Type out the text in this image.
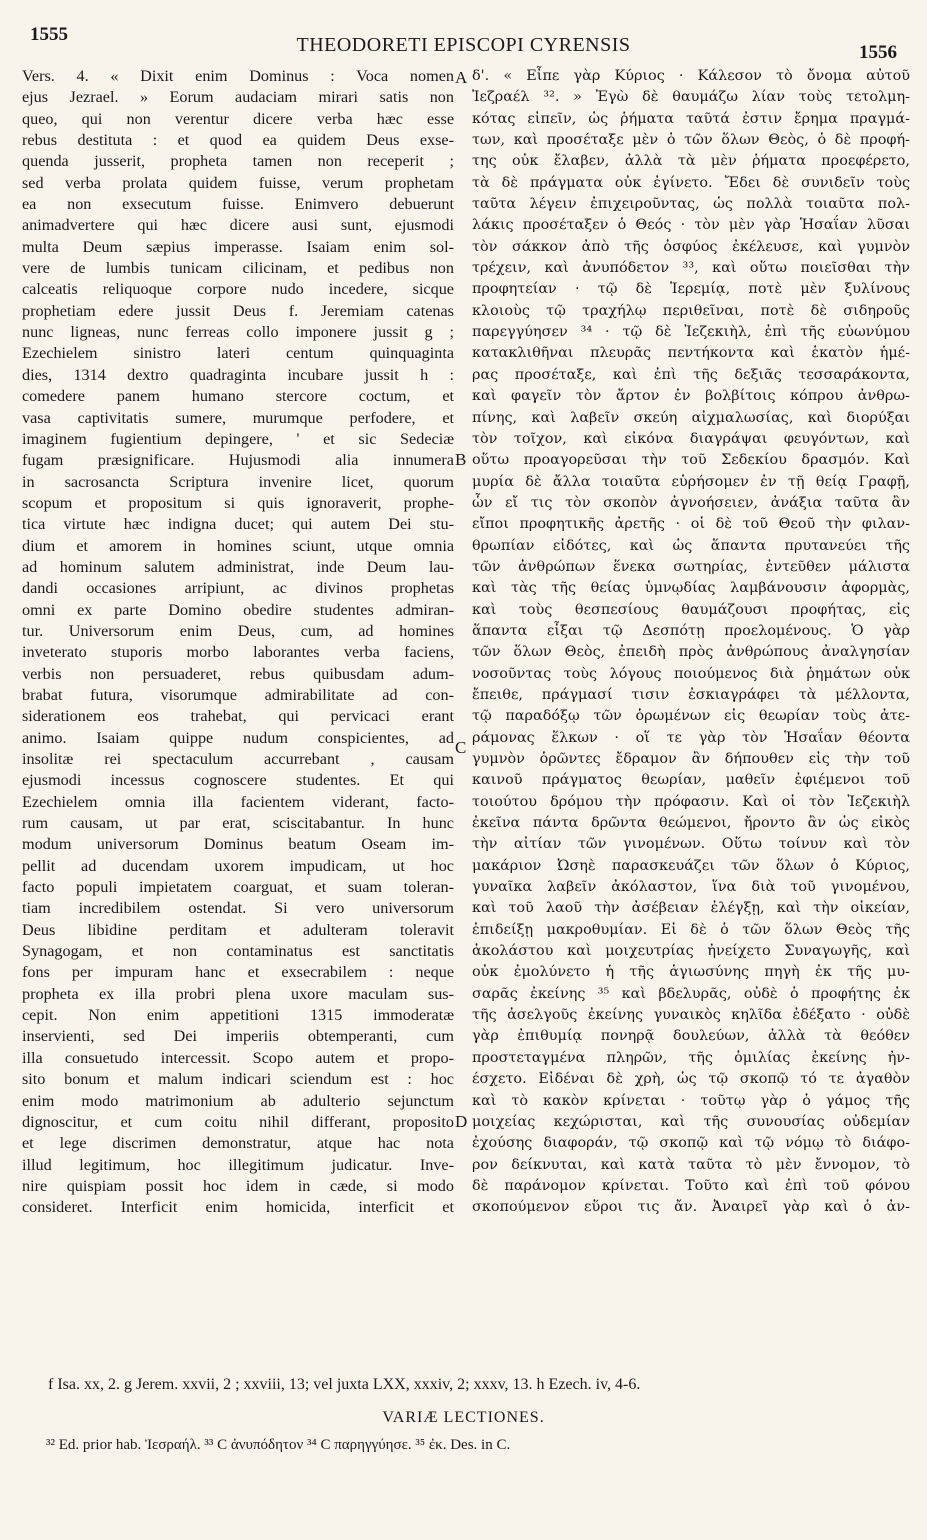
1555	THEODORETI EPISCOPI CYRENSIS	1556
Vers. 4. « Dixit enim Dominus : Voca nomen
ejus Jezrael. » Eorum audaciam mirari satis non
queo, qui non verentur dicere verba hæc esse
rebus destituta : et quod ea quidem Deus exse-
quenda jusserit, propheta tamen non receperit ;
sed verba prolata quidem fuisse, verum prophetam
ea non exsecutum fuisse. Enimvero debuerunt
animadvertere qui hæc dicere ausi sunt, ejusmodi
multa Deum sæpius imperasse. Isaiam enim sol-
vere de lumbis tunicam cilicinam, et pedibus non
calceatis reliquoque corpore nudo incedere, sicque
prophetiam edere jussit Deus f. Jeremiam catenas
nunc ligneas, nunc ferreas collo imponere jussit g ;
Ezechielem sinistro lateri centum quinquaginta
dies, 1314 dextro quadraginta incubare jussit h :
comedere panem humano stercore coctum, et
vasa captivitatis sumere, murumque perfodere, et
imaginem fugientium depingere, ' et sic Sedeciæ
fugam præsignificare. Hujusmodi alia innumera
in sacrosancta Scriptura invenire licet, quorum
scopum et propositum si quis ignoraverit, prophe-
tica virtute hæc indigna ducet; qui autem Dei stu-
dium et amorem in homines sciunt, utque omnia
ad hominum salutem administrat, inde Deum lau-
dandi occasiones arripiunt, ac divinos prophetas
omni ex parte Domino obedire studentes admiran-
tur. Universorum enim Deus, cum, ad homines
inveterato stuporis morbo laborantes verba faciens,
verbis non persuaderet, rebus quibusdam adum-
brabat futura, visorumque admirabilitate ad con-
siderationem eos trahebat, qui pervicaci erant
animo. Isaiam quippe nudum conspicientes, ad
insolitæ rei spectaculum accurrebant , causam
ejusmodi incessus cognoscere studentes. Et qui
Ezechielem omnia illa facientem viderant, facto-
rum causam, ut par erat, sciscitabantur. In hunc
modum universorum Dominus beatum Oseam im-
pellit ad ducendam uxorem impudicam, ut hoc
facto populi impietatem coarguat, et suam toleran-
tiam incredibilem ostendat. Si vero universorum
Deus libidine perditam et adulteram toleravit
Synagogam, et non contaminatus est sanctitatis
fons per impuram hanc et exsecrabilem : neque
propheta ex illa probri plena uxore maculam sus-
cepit. Non enim appetitioni 1315 immoderatæ
inservienti, sed Dei imperiis obtemperanti, cum
illa consuetudo intercessit. Scopo autem et propo-
sito bonum et malum indicari sciendum est : hoc
enim modo matrimonium ab adulterio sejunctum
dignoscitur, et cum coitu nihil differant, proposito
et lege discrimen demonstratur, atque hac nota
illud legitimum, hoc illegitimum judicatur. Inve-
nire quispiam possit hoc idem in cæde, si modo
consideret. Interficit enim homicida, interficit et
δ'. « Εἶπε γὰρ Κύριος · Κάλεσον τὸ ὄνομα αὐτοῦ
Ἰεζραέλ ³². » Ἐγὼ δὲ θαυμάζω λίαν τοὺς τετολμη-
κότας εἰπεῖν, ὡς ῥήματα ταῦτά ἐστιν ἔρημα πραγμά-
των, καὶ προσέταξε μὲν ὁ τῶν ὅλων Θεὸς, ὁ δὲ προφή-
της οὐκ ἔλαβεν, ἀλλὰ τὰ μὲν ῥήματα προεφέρετο,
τὰ δὲ πράγματα οὐκ ἐγίνετο. Ἔδει δὲ συνιδεῖν τοὺς
ταῦτα λέγειν ἐπιχειροῦντας, ὡς πολλὰ τοιαῦτα πολ-
λάκις προσέταξεν ὁ Θεός · τὸν μὲν γὰρ Ἡσαΐαν λῦσαι
τὸν σάκκον ἀπὸ τῆς ὀσφύος ἐκέλευσε, καὶ γυμνὸν
τρέχειν, καὶ ἀνυπόδετον ³³, καὶ οὕτω ποιεῖσθαι τὴν
προφητείαν · τῷ δὲ Ἱερεμίᾳ, ποτὲ μὲν ξυλίνους
κλοιοὺς τῷ τραχήλῳ περιθεῖναι, ποτὲ δὲ σιδηροῦς
παρεγγύησεν ³⁴ · τῷ δὲ Ἰεζεκιὴλ, ἐπὶ τῆς εὐωνύμου
κατακλιθῆναι πλευρᾶς πεντήκοντα καὶ ἑκατὸν ἡμέ-
ρας προσέταξε, καὶ ἐπὶ τῆς δεξιᾶς τεσσαράκοντα,
καὶ φαγεῖν τὸν ἄρτον ἐν βολβίτοις κόπρου ἀνθρω-
πίνης, καὶ λαβεῖν σκεύη αἰχμαλωσίας, καὶ διορύξαι
τὸν τοῖχον, καὶ εἰκόνα διαγράψαι φευγόντων, καὶ
οὕτω προαγορεῦσαι τὴν τοῦ Σεδεκίου δρασμόν. Καὶ
μυρία δὲ ἄλλα τοιαῦτα εὑρήσομεν ἐν τῇ θείᾳ Γραφῇ,
ὧν εἴ τις τὸν σκοπὸν ἀγνοήσειεν, ἀνάξια ταῦτα ἂν
εἴποι προφητικῆς ἀρετῆς · οἱ δὲ τοῦ Θεοῦ τὴν φιλαν-
θρωπίαν εἰδότες, καὶ ὡς ἅπαντα πρυτανεύει τῆς
τῶν ἀνθρώπων ἕνεκα σωτηρίας, ἐντεῦθεν μάλιστα
καὶ τὰς τῆς θείας ὑμνῳδίας λαμβάνουσιν ἀφορμὰς,
καὶ τοὺς θεσπεσίους θαυμάζουσι προφήτας, εἰς
ἅπαντα εἶξαι τῷ Δεσπότῃ προελομένους. Ὁ γὰρ
τῶν ὅλων Θεὸς, ἐπειδὴ πρὸς ἀνθρώπους ἀναλγησίαν
νοσοῦντας τοὺς λόγους ποιούμενος διὰ ῥημάτων οὐκ
ἔπειθε, πράγμασί τισιν ἐσκιαγράφει τὰ μέλλοντα,
τῷ παραδόξῳ τῶν ὁρωμένων εἰς θεωρίαν τοὺς ἀτε-
ράμονας ἕλκων · οἵ τε γὰρ τὸν Ἡσαΐαν θέοντα
γυμνὸν ὁρῶντες ἔδραμον ἂν δήπουθεν εἰς τὴν τοῦ
καινοῦ πράγματος θεωρίαν, μαθεῖν ἐφιέμενοι τοῦ
τοιούτου δρόμου τὴν πρόφασιν. Καὶ οἱ τὸν Ἰεζεκιὴλ
ἐκεῖνα πάντα δρῶντα θεώμενοι, ἤροντο ἂν ὡς εἰκὸς
τὴν αἰτίαν τῶν γινομένων. Οὕτω τοίνυν καὶ τὸν
μακάριον Ὠσηὲ παρασκευάζει τῶν ὅλων ὁ Κύριος,
γυναῖκα λαβεῖν ἀκόλαστον, ἵνα διὰ τοῦ γινομένου,
καὶ τοῦ λαοῦ τὴν ἀσέβειαν ἐλέγξῃ, καὶ τὴν οἰκείαν,
ἐπιδείξῃ μακροθυμίαν. Εἰ δὲ ὁ τῶν ὅλων Θεὸς τῆς
ἀκολάστου καὶ μοιχευτρίας ἠνείχετο Συναγωγῆς, καὶ
οὐκ ἐμολύνετο ἡ τῆς ἁγιωσύνης πηγὴ ἐκ τῆς μυ-
σαρᾶς ἐκείνης ³⁵ καὶ βδελυρᾶς, οὐδὲ ὁ προφήτης ἐκ
τῆς ἀσελγοῦς ἐκείνης γυναικὸς κηλῖδα ἐδέξατο · οὐδὲ
γὰρ ἐπιθυμίᾳ πονηρᾷ δουλεύων, ἀλλὰ τὰ θεόθεν
προστεταγμένα πληρῶν, τῆς ὁμιλίας ἐκείνης ἠν-
έσχετο. Εἰδέναι δὲ χρὴ, ὡς τῷ σκοπῷ τό τε ἀγαθὸν
καὶ τὸ κακὸν κρίνεται · τοῦτῳ γὰρ ὁ γάμος τῆς
μοιχείας κεχώρισται, καὶ τῆς συνουσίας οὐδεμίαν
ἐχούσης διαφοράν, τῷ σκοπῷ καὶ τῷ νόμῳ τὸ διάφο-
ρον δείκνυται, καὶ κατὰ ταῦτα τὸ μὲν ἔννομον, τὸ
δὲ παράνομον κρίνεται. Τοῦτο καὶ ἐπὶ τοῦ φόνου
σκοπούμενον εὕροι τις ἄν. Ἀναιρεῖ γὰρ καὶ ὁ ἀν-
A
B
C
D
f Isa. xx, 2. g Jerem. xxvii, 2 ; xxviii, 13; vel juxta LXX, xxxiv, 2; xxxv, 13. h Ezech. iv, 4-6.
VARIÆ LECTIONES.
³² Ed. prior hab. Ἰεσραήλ. ³³ C ἀνυπόδητον ³⁴ C παρηγγύησε. ³⁵ ἐκ. Des. in C.
